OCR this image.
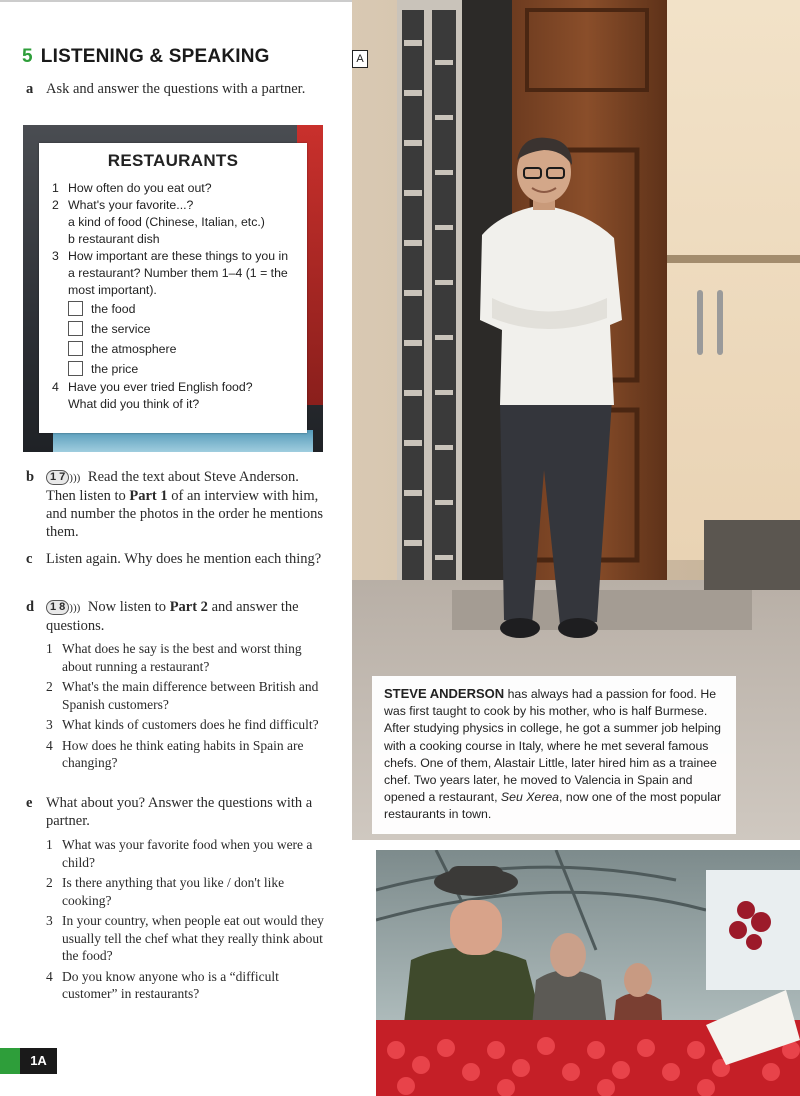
5 LISTENING & SPEAKING
a Ask and answer the questions with a partner.
RESTAURANTS
1 How often do you eat out?
2 What's your favorite...?
a kind of food (Chinese, Italian, etc.)
b restaurant dish
3 How important are these things to you in a restaurant? Number them 1–4 (1 = the most important).
the food
the service
the atmosphere
the price
4 Have you ever tried English food? What did you think of it?
b	1 7 ))) Read the text about Steve Anderson. Then listen to Part 1 of an interview with him, and number the photos in the order he mentions them.
c Listen again. Why does he mention each thing?
d	1 8 ))) Now listen to Part 2 and answer the questions.
1 What does he say is the best and worst thing about running a restaurant?
2 What's the main difference between British and Spanish customers?
3 What kinds of customers does he find difficult?
4 How does he think eating habits in Spain are changing?
e What about you? Answer the questions with a partner.
1 What was your favorite food when you were a child?
2 Is there anything that you like / don't like cooking?
3 In your country, when people eat out would they usually tell the chef what they really think about the food?
4 Do you know anyone who is a “difficult customer” in restaurants?
1A
A
STEVE ANDERSON has always had a passion for food. He was first taught to cook by his mother, who is half Burmese. After studying physics in college, he got a summer job helping with a cooking course in Italy, where he met several famous chefs. One of them, Alastair Little, later hired him as a trainee chef. Two years later, he moved to Valencia in Spain and opened a restaurant, Seu Xerea, now one of the most popular restaurants in town.
